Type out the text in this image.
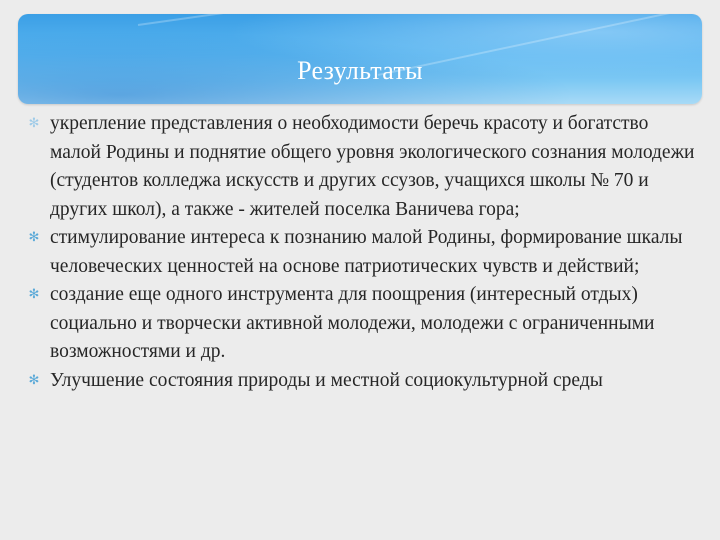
Результаты
✻ укрепление представления о необходимости беречь красоту и богатство малой Родины и поднятие общего уровня экологического сознания молодежи (студентов колледжа искусств и других ссузов, учащихся школы № 70 и других школ), а также - жителей поселка Ваничева гора;
✻ стимулирование интереса к познанию малой Родины, формирование шкалы человеческих ценностей на основе патриотических чувств и действий;
✻ создание еще одного инструмента для поощрения (интересный отдых) социально и творчески активной молодежи, молодежи с ограниченными возможностями и др.
✻ Улучшение состояния природы и местной социокультурной среды
